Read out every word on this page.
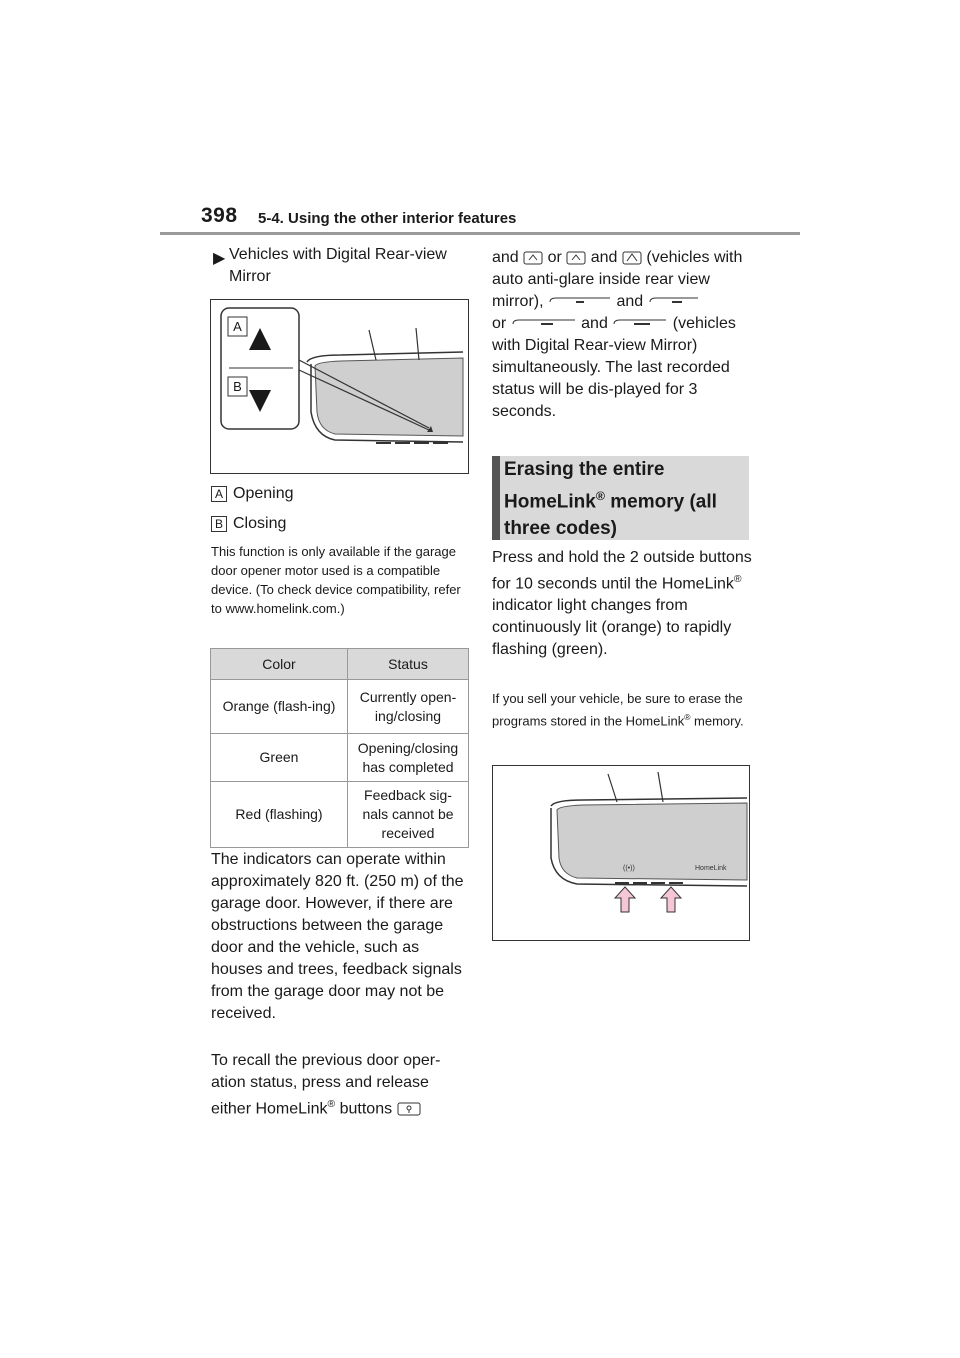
398 5-4. Using the other interior features
▶ Vehicles with Digital Rear-view Mirror
A
B
A Opening
B Closing
This function is only available if the garage door opener motor used is a compatible device. (To check device compatibility, refer to www.homelink.com.)
Color	Status
Orange (flash-ing)	Currently open-ing/closing
Green	Opening/closing has completed
Red (flashing)	Feedback sig-nals cannot be received
The indicators can operate within approximately 820 ft. (250 m) of the garage door. However, if there are obstructions between the garage door and the vehicle, such as houses and trees, feedback signals from the garage door may not be received.
To recall the previous door oper-ation status, press and release either HomeLink® buttons
and or and (vehicles with auto anti-glare inside rear view mirror),	and
or	and	(vehicles with Digital Rear-view Mirror) simultaneously. The last recorded status will be dis-played for 3 seconds.
Erasing the entire HomeLink® memory (all three codes)
Press and hold the 2 outside buttons for 10 seconds until the HomeLink® indicator light changes from continuously lit (orange) to rapidly flashing (green).
If you sell your vehicle, be sure to erase the programs stored in the HomeLink® memory.
((•))	HomeLink
